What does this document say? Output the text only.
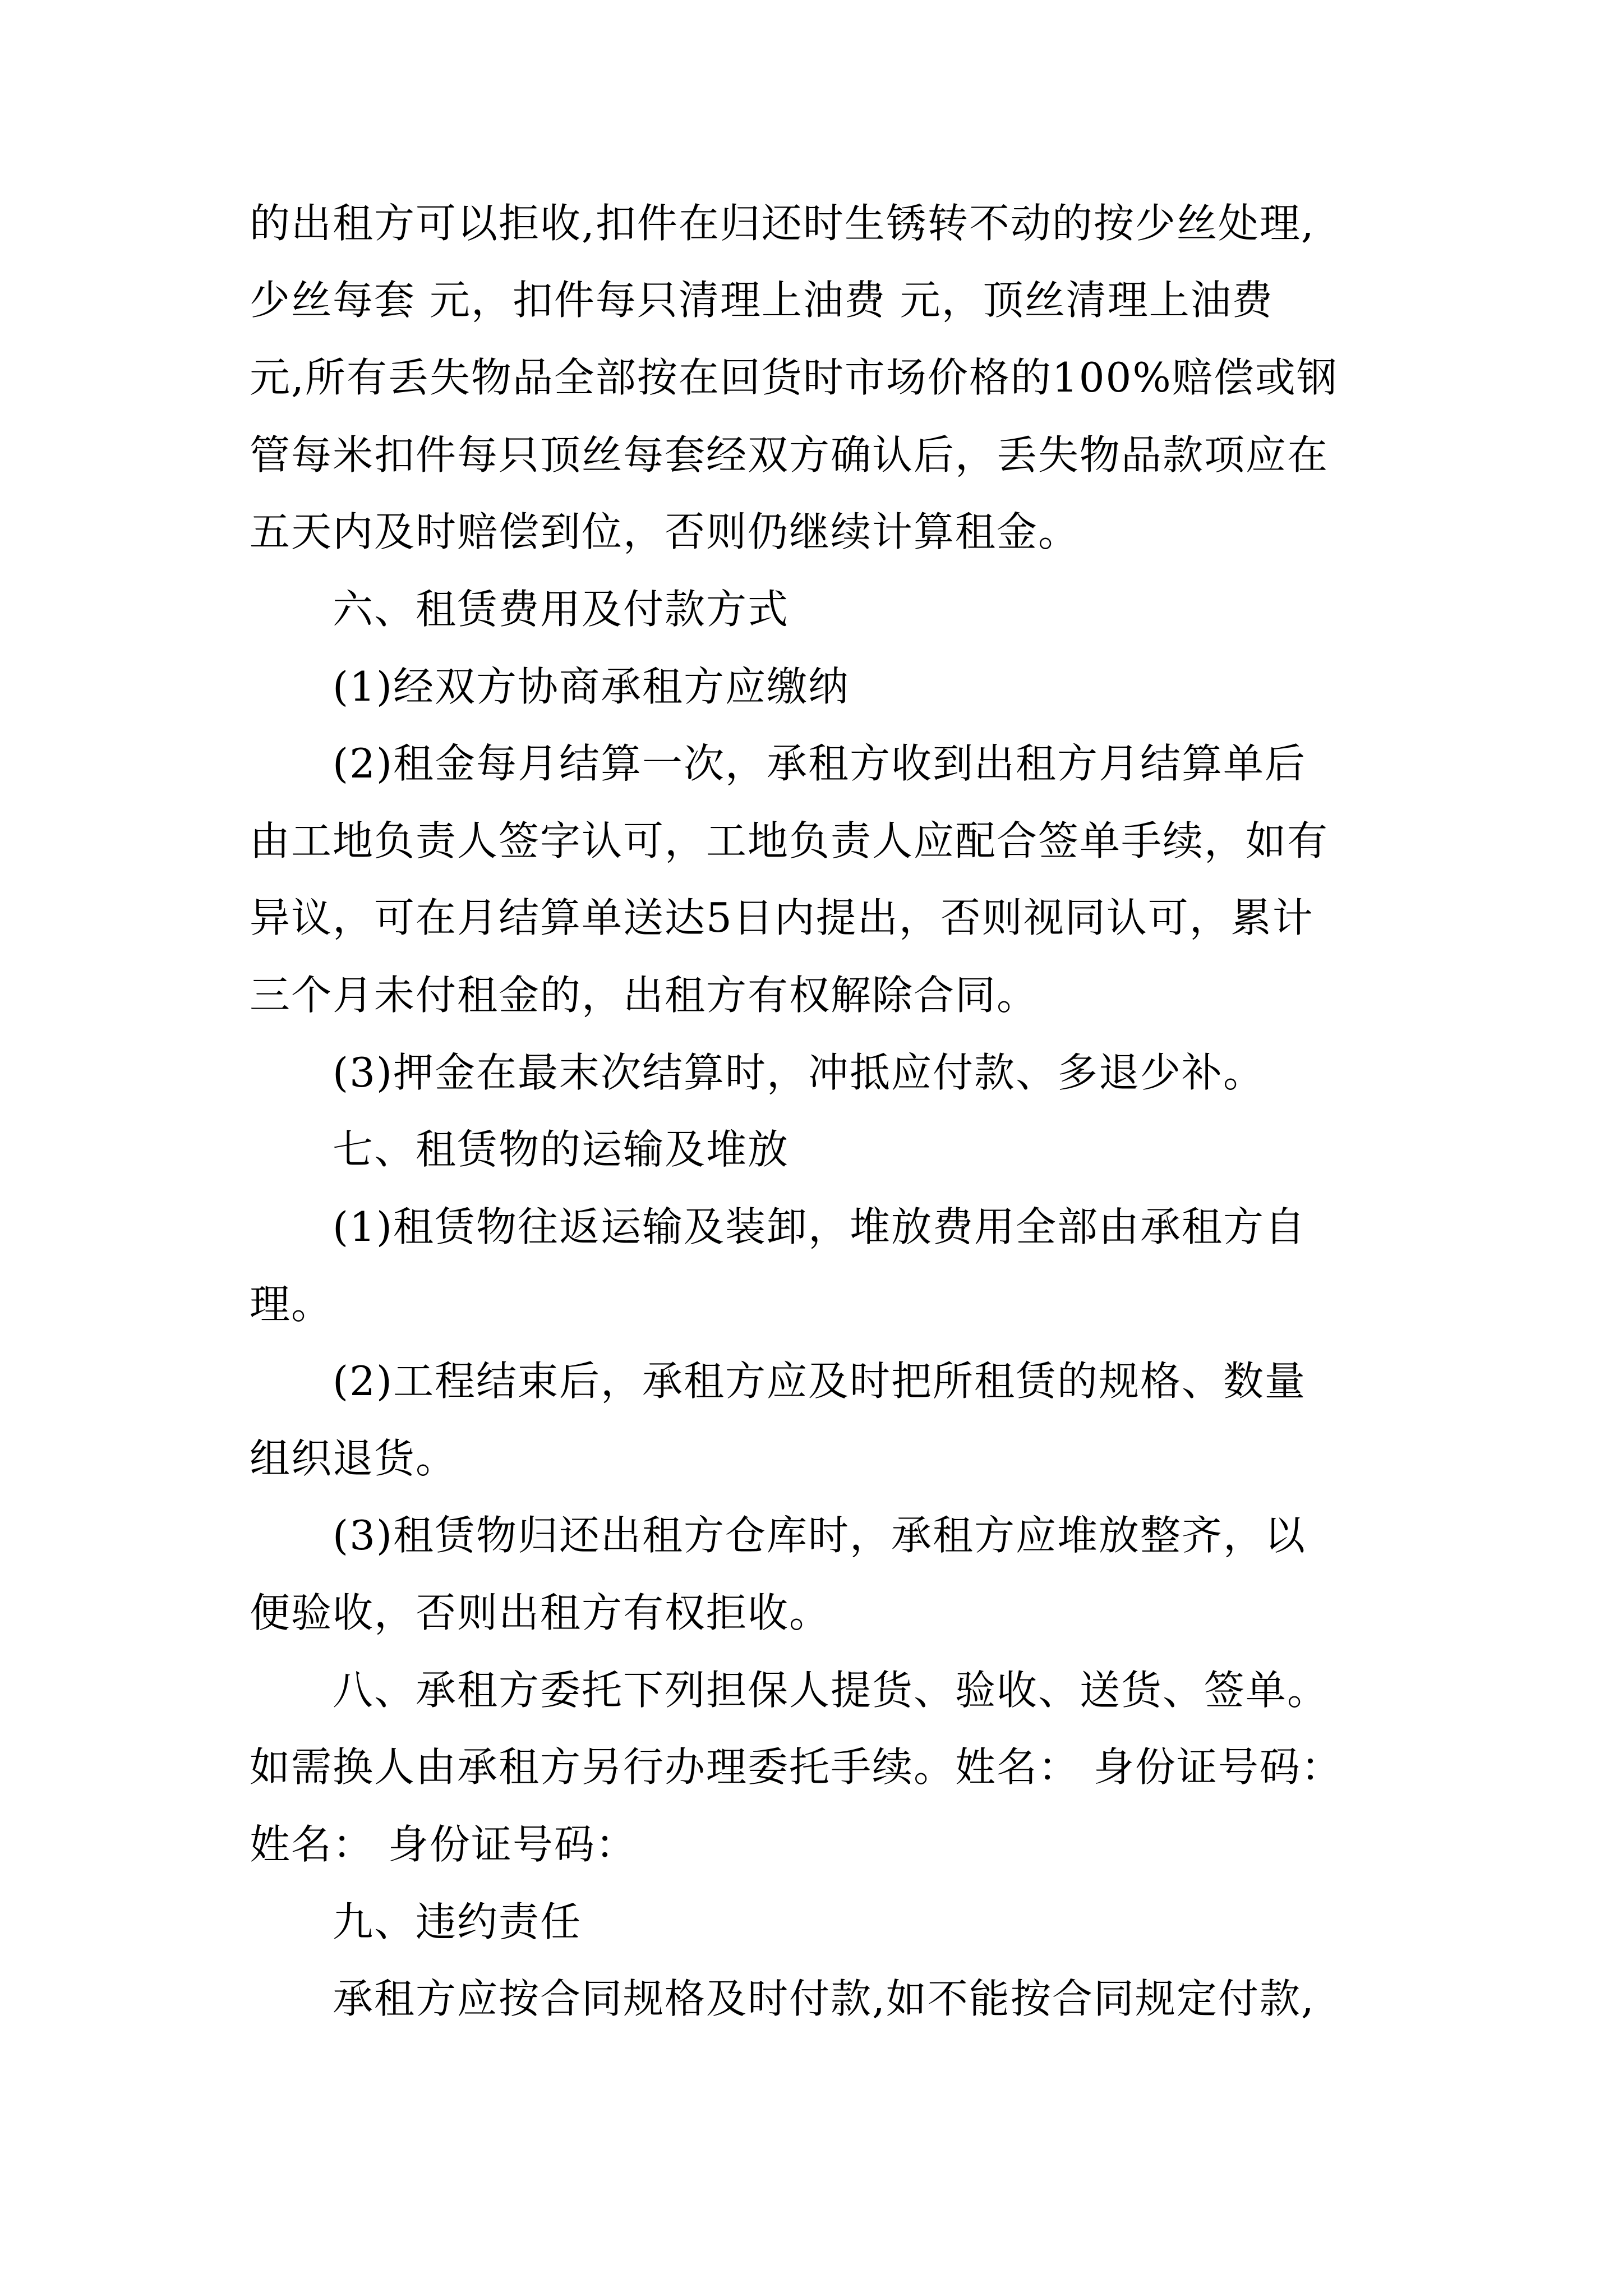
的出租方可以拒收,扣件在归还时生锈转不动的按少丝处理,
少丝每套 元，扣件每只清理上油费 元，顶丝清理上油费
元,所有丢失物品全部按在回货时市场价格的100%赔偿或钢
管每米扣件每只顶丝每套经双方确认后，丢失物品款项应在
五天内及时赔偿到位，否则仍继续计算租金。
六、租赁费用及付款方式
(1)经双方协商承租方应缴纳
(2)租金每月结算一次，承租方收到出租方月结算单后
由工地负责人签字认可，工地负责人应配合签单手续，如有
异议，可在月结算单送达5日内提出，否则视同认可，累计
三个月未付租金的，出租方有权解除合同。
(3)押金在最末次结算时，冲抵应付款、多退少补。
七、租赁物的运输及堆放
(1)租赁物往返运输及装卸，堆放费用全部由承租方自
理。
(2)工程结束后，承租方应及时把所租赁的规格、数量
组织退货。
(3)租赁物归还出租方仓库时，承租方应堆放整齐，以
便验收，否则出租方有权拒收。
八、承租方委托下列担保人提货、验收、送货、签单。
如需换人由承租方另行办理委托手续。姓名： 身份证号码：
姓名： 身份证号码：
九、违约责任
承租方应按合同规格及时付款,如不能按合同规定付款,
